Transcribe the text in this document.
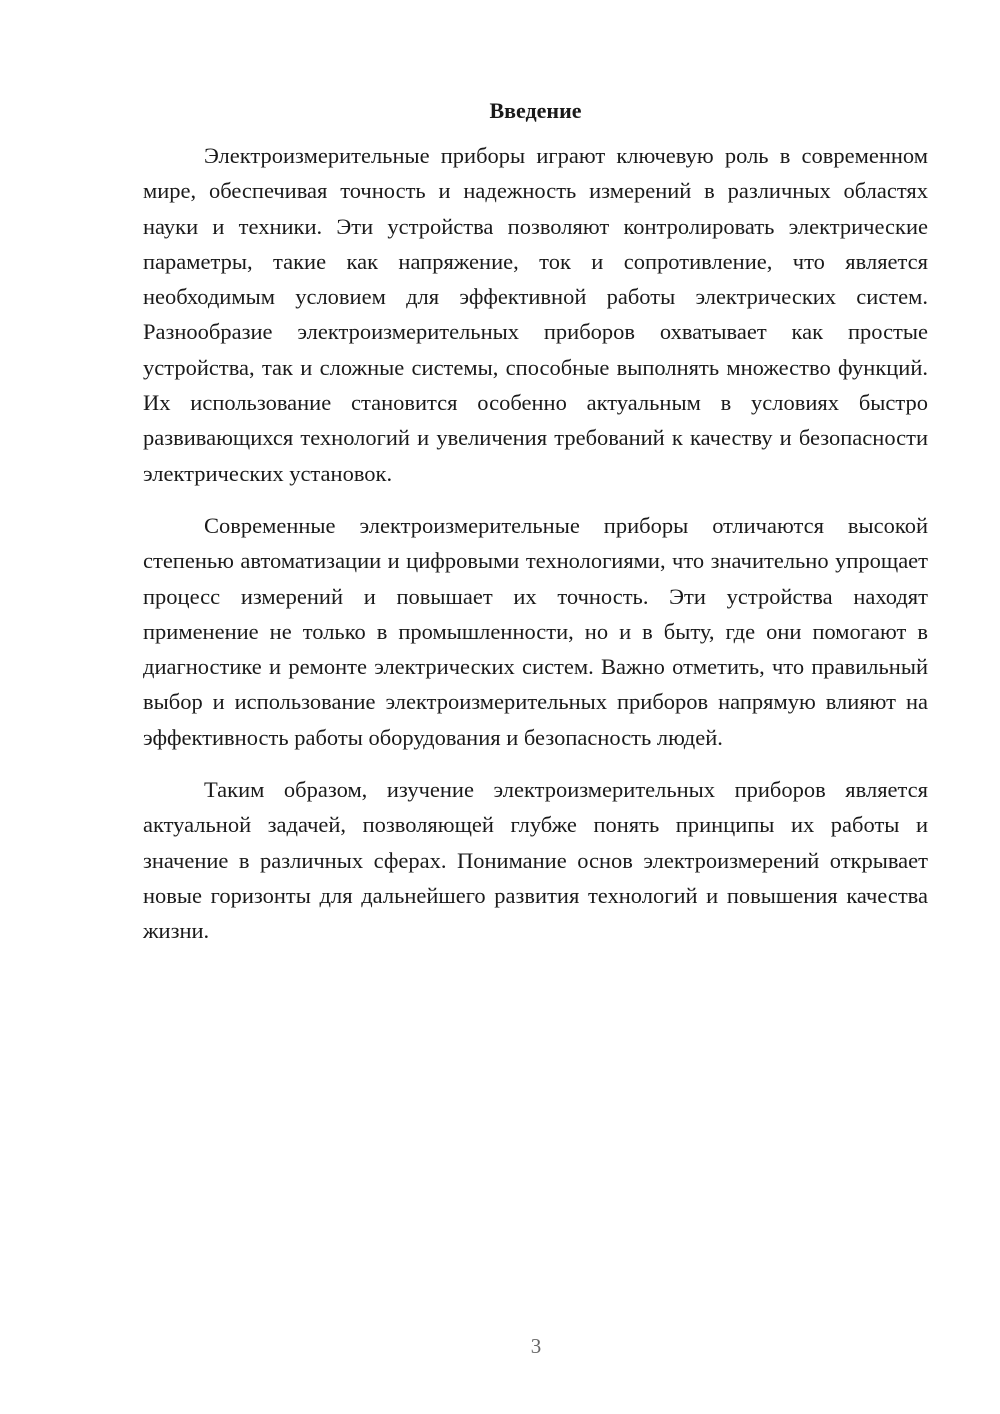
Введение

Электроизмерительные приборы играют ключевую роль в современном мире, обеспечивая точность и надежность измерений в различных областях науки и техники. Эти устройства позволяют контролировать электрические параметры, такие как напряжение, ток и сопротивление, что является необходимым условием для эффективной работы электрических систем. Разнообразие электроизмерительных приборов охватывает как простые устройства, так и сложные системы, способные выполнять множество функций. Их использование становится особенно актуальным в условиях быстро развивающихся технологий и увеличения требований к качеству и безопасности электрических установок.

Современные электроизмерительные приборы отличаются высокой степенью автоматизации и цифровыми технологиями, что значительно упрощает процесс измерений и повышает их точность. Эти устройства находят применение не только в промышленности, но и в быту, где они помогают в диагностике и ремонте электрических систем. Важно отметить, что правильный выбор и использование электроизмерительных приборов напрямую влияют на эффективность работы оборудования и безопасность людей.

Таким образом, изучение электроизмерительных приборов является актуальной задачей, позволяющей глубже понять принципы их работы и значение в различных сферах. Понимание основ электроизмерений открывает новые горизонты для дальнейшего развития технологий и повышения качества жизни.

3
